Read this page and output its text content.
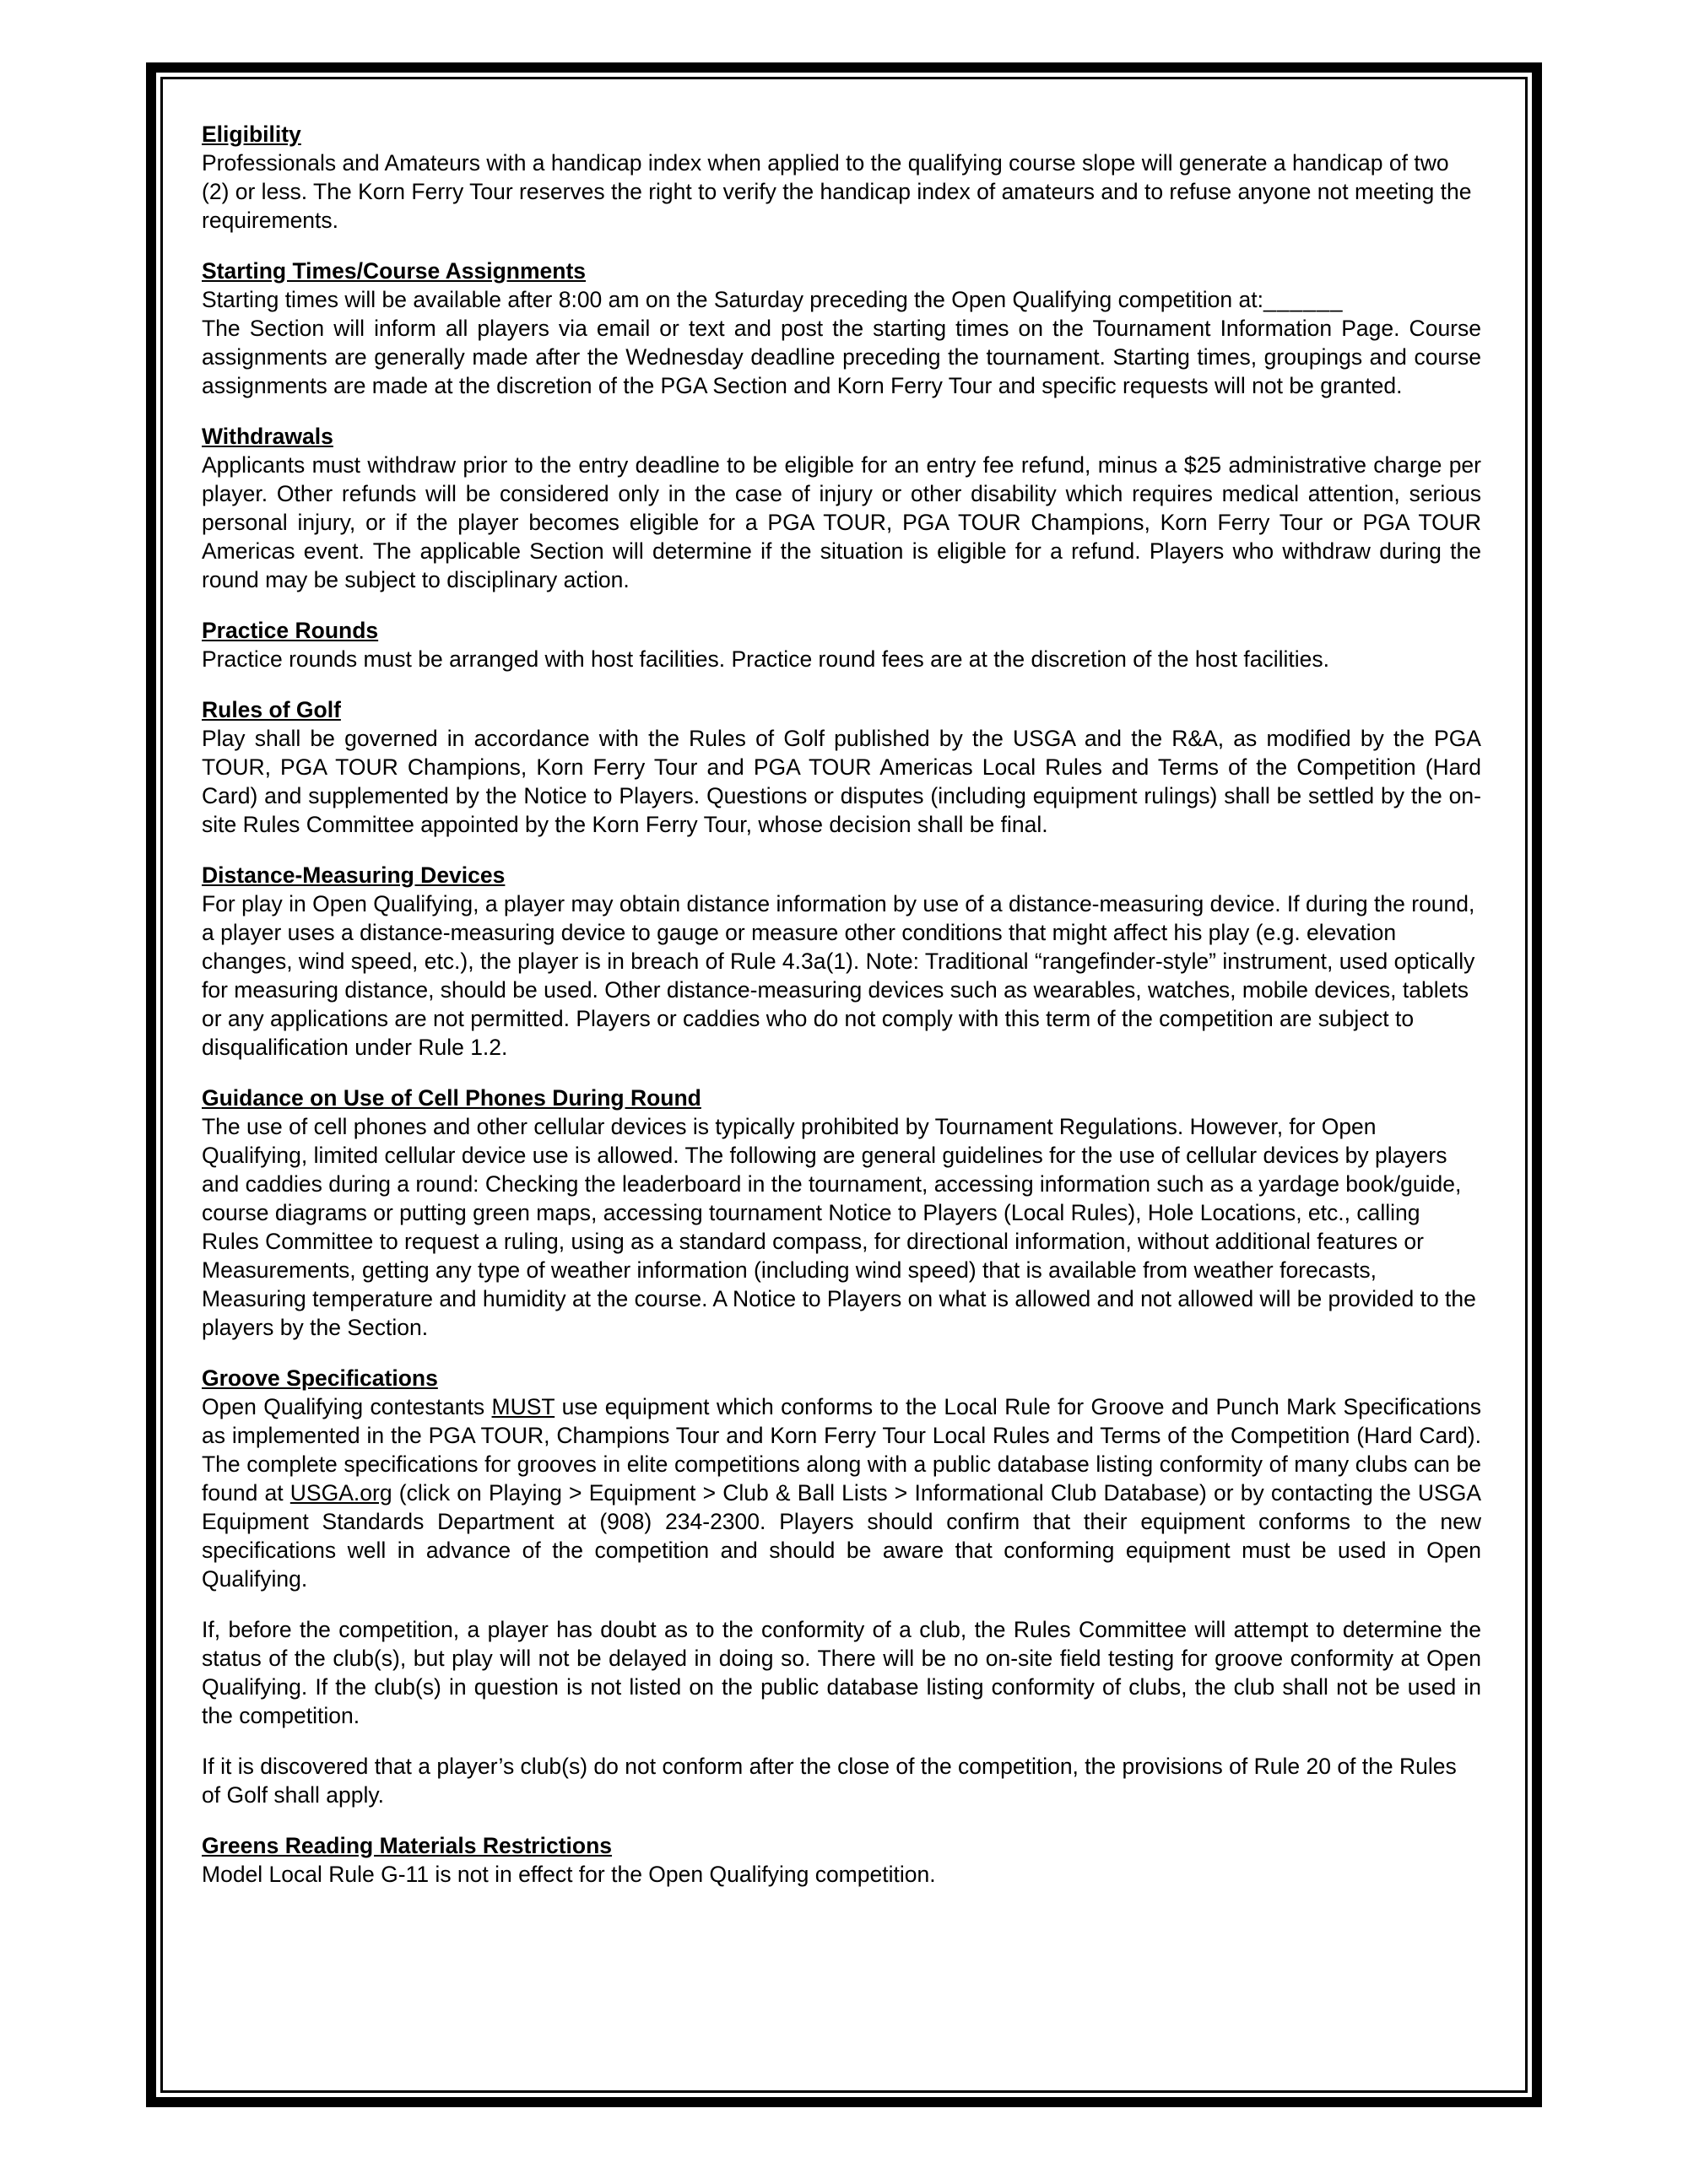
Eligibility

Professionals and Amateurs with a handicap index when applied to the qualifying course slope will generate a handicap of two (2) or less. The Korn Ferry Tour reserves the right to verify the handicap index of amateurs and to refuse anyone not meeting the requirements.

Starting Times/Course Assignments

Starting times will be available after 8:00 am on the Saturday preceding the Open Qualifying competition at:______
The Section will inform all players via email or text and post the starting times on the Tournament Information Page. Course assignments are generally made after the Wednesday deadline preceding the tournament. Starting times, groupings and course assignments are made at the discretion of the PGA Section and Korn Ferry Tour and specific requests will not be granted.

Withdrawals

Applicants must withdraw prior to the entry deadline to be eligible for an entry fee refund, minus a $25 administrative charge per player. Other refunds will be considered only in the case of injury or other disability which requires medical attention, serious personal injury, or if the player becomes eligible for a PGA TOUR, PGA TOUR Champions, Korn Ferry Tour or PGA TOUR Americas event. The applicable Section will determine if the situation is eligible for a refund. Players who withdraw during the round may be subject to disciplinary action.

Practice Rounds

Practice rounds must be arranged with host facilities. Practice round fees are at the discretion of the host facilities.

Rules of Golf

Play shall be governed in accordance with the Rules of Golf published by the USGA and the R&A, as modified by the PGA TOUR, PGA TOUR Champions, Korn Ferry Tour and PGA TOUR Americas Local Rules and Terms of the Competition (Hard Card) and supplemented by the Notice to Players. Questions or disputes (including equipment rulings) shall be settled by the on-site Rules Committee appointed by the Korn Ferry Tour, whose decision shall be final.

Distance-Measuring Devices

For play in Open Qualifying, a player may obtain distance information by use of a distance-measuring device. If during the round, a player uses a distance-measuring device to gauge or measure other conditions that might affect his play (e.g. elevation changes, wind speed, etc.), the player is in breach of Rule 4.3a(1). Note: Traditional “rangefinder-style” instrument, used optically for measuring distance, should be used. Other distance-measuring devices such as wearables, watches, mobile devices, tablets or any applications are not permitted. Players or caddies who do not comply with this term of the competition are subject to disqualification under Rule 1.2.

Guidance on Use of Cell Phones During Round

The use of cell phones and other cellular devices is typically prohibited by Tournament Regulations. However, for Open Qualifying, limited cellular device use is allowed. The following are general guidelines for the use of cellular devices by players and caddies during a round: Checking the leaderboard in the tournament, accessing information such as a yardage book/guide, course diagrams or putting green maps, accessing tournament Notice to Players (Local Rules), Hole Locations, etc., calling Rules Committee to request a ruling, using as a standard compass, for directional information, without additional features or Measurements, getting any type of weather information (including wind speed) that is available from weather forecasts, Measuring temperature and humidity at the course. A Notice to Players on what is allowed and not allowed will be provided to the players by the Section.

Groove Specifications

Open Qualifying contestants MUST use equipment which conforms to the Local Rule for Groove and Punch Mark Specifications as implemented in the PGA TOUR, Champions Tour and Korn Ferry Tour Local Rules and Terms of the Competition (Hard Card). The complete specifications for grooves in elite competitions along with a public database listing conformity of many clubs can be found at USGA.org (click on Playing > Equipment > Club & Ball Lists > Informational Club Database) or by contacting the USGA Equipment Standards Department at (908) 234-2300. Players should confirm that their equipment conforms to the new specifications well in advance of the competition and should be aware that conforming equipment must be used in Open Qualifying.

If, before the competition, a player has doubt as to the conformity of a club, the Rules Committee will attempt to determine the status of the club(s), but play will not be delayed in doing so. There will be no on-site field testing for groove conformity at Open Qualifying. If the club(s) in question is not listed on the public database listing conformity of clubs, the club shall not be used in the competition.

If it is discovered that a player’s club(s) do not conform after the close of the competition, the provisions of Rule 20 of the Rules of Golf shall apply.

Greens Reading Materials Restrictions

Model Local Rule G-11 is not in effect for the Open Qualifying competition.
